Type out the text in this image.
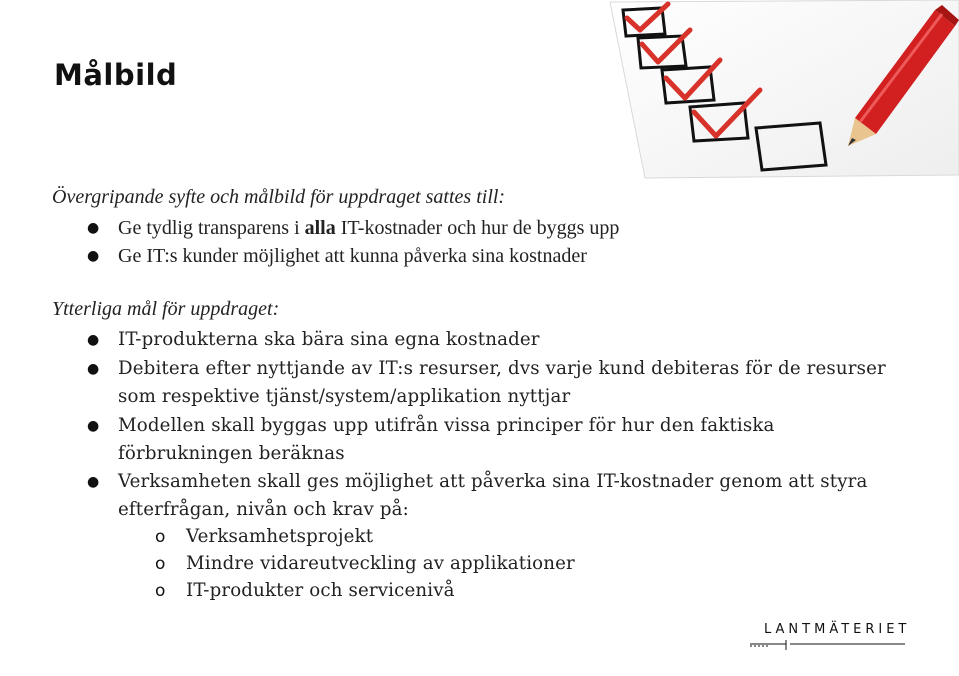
Målbild
Övergripande syfte och målbild för uppdraget sattes till:
● Ge tydlig transparens i alla IT-kostnader och hur de byggs upp
● Ge IT:s kunder möjlighet att kunna påverka sina kostnader
Ytterliga mål för uppdraget:
● IT-produkterna ska bära sina egna kostnader
● Debitera efter nyttjande av IT:s resurser, dvs varje kund debiteras för de resurser
som respektive tjänst/system/applikation nyttjar
● Modellen skall byggas upp utifrån vissa principer för hur den faktiska
förbrukningen beräknas
● Verksamheten skall ges möjlighet att påverka sina IT-kostnader genom att styra
efterfrågan, nivån och krav på:
o Verksamhetsprojekt
o Mindre vidareutveckling av applikationer
o IT-produkter och servicenivå
LANTMÄTERIET
